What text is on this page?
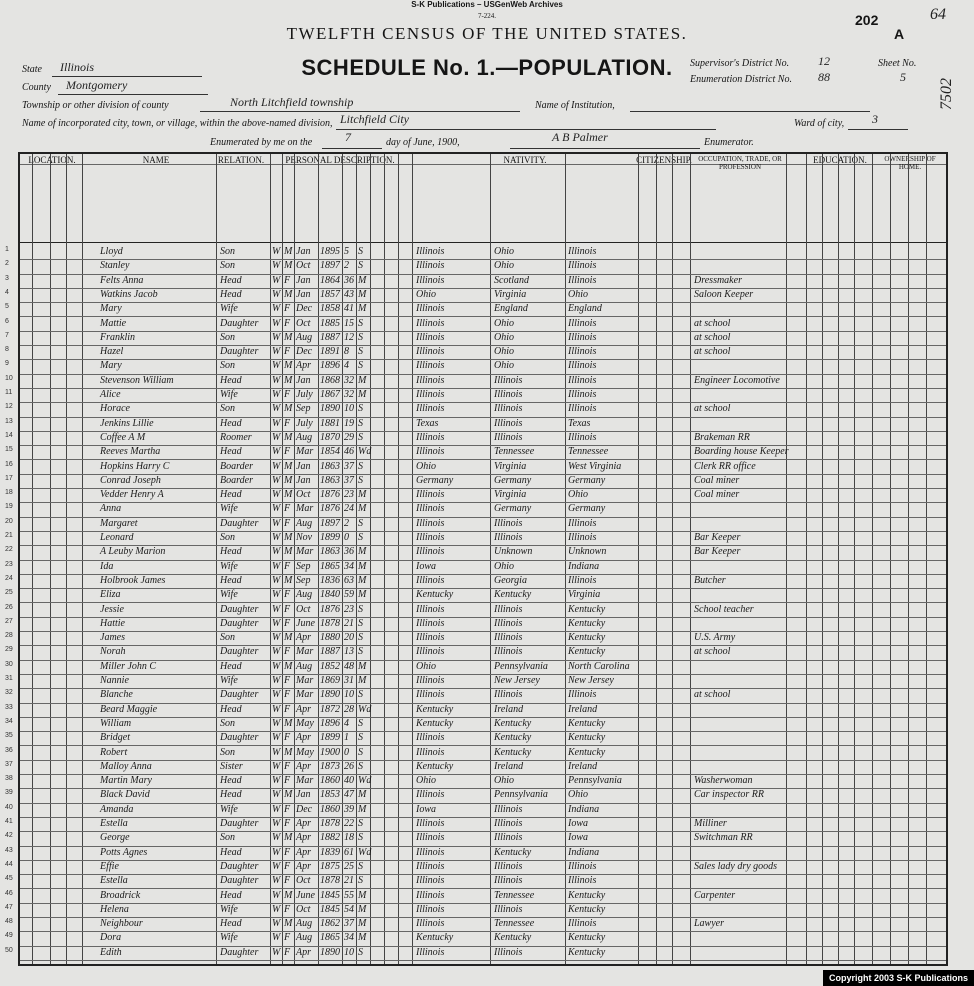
S-K Publications – USGenWeb Archives
7-224.
TWELFTH CENSUS OF THE UNITED STATES.
SCHEDULE No. 1.—POPULATION.
202
A
64
7502
State Illinois
County Montgomery
Township or other division of county	North Litchfield township	Name of Institution,
Name of incorporated city, town, or village, within the above-named division, Litchfield City	Ward of city, 3
Enumerated by me on the	7	day of June, 1900,	A B Palmer	Enumerator.
Supervisor's District No. 12
Enumeration District No. 88
Sheet No.
5
LOCATION.	NAME	RELATION.	PERSONAL DESCRIPTION.	NATIVITY.	CITIZENSHIP. OCCUPATION, TRADE, OR PROFESSION
EDUCATION.	OWNERSHIP OF HOME.
1	Lloyd	Son	W M Jan 1895 5 S	Illinois	Ohio	Illinois
2	Stanley	Son	W M Oct 1897 2 S	Illinois	Ohio	Illinois
3	Felts Anna	Head	W F Jan 1864 36 M	Illinois	Scotland	Illinois	Dressmaker
4	Watkins Jacob	Head	W M Jan 1857 43 M	Ohio	Virginia	Ohio	Saloon Keeper
5	Mary	Wife	W F Dec 1858 41 M	Illinois	England	England
6	Mattie	Daughter	W F Oct 1885 15 S	Illinois	Ohio	Illinois	at school
7	Franklin	Son	W M Aug 1887 12 S	Illinois	Ohio	Illinois	at school
8	Hazel	Daughter	W F Dec 1891 8 S	Illinois	Ohio	Illinois	at school
9	Mary	Son	W M Apr 1896 4 S	Illinois	Ohio	Illinois
10	Stevenson William	Head	W M Jan 1868 32 M	Illinois	Illinois	Illinois	Engineer Locomotive
11	Alice	Wife	W F July 1867 32 M	Illinois	Illinois	Illinois
12	Horace	Son	W M Sep 1890 10 S	Illinois	Illinois	Illinois	at school
13	Jenkins Lillie	Head	W F July 1881 19 S	Texas	Illinois	Texas
14	Coffee A M	Roomer	W M Aug 1870 29 S	Illinois	Illinois	Illinois	Brakeman RR
15	Reeves Martha	Head	W F Mar 1854 46 Wd	Illinois	Tennessee	Tennessee	Boarding house Keeper
16	Hopkins Harry C	Boarder	W M Jan 1863 37 S	Ohio	Virginia	West Virginia	Clerk RR office
17	Conrad Joseph	Boarder	W M Jan 1863 37 S	Germany	Germany	Germany	Coal miner
18	Vedder Henry A	Head	W M Oct 1876 23 M	Illinois	Virginia	Ohio	Coal miner
19	Anna	Wife	W F Mar 1876 24 M	Illinois	Germany	Germany
20	Margaret	Daughter	W F Aug 1897 2 S	Illinois	Illinois	Illinois
21	Leonard	Son	W M Nov 1899 0 S	Illinois	Illinois	Illinois	Bar Keeper
22	A Leuby Marion	Head	W M Mar 1863 36 M	Illinois	Unknown	Unknown	Bar Keeper
23	Ida	Wife	W F Sep 1865 34 M	Iowa	Ohio	Indiana
24	Holbrook James	Head	W M Sep 1836 63 M	Illinois	Georgia	Illinois	Butcher
25	Eliza	Wife	W F Aug 1840 59 M	Kentucky	Kentucky	Virginia
26	Jessie	Daughter	W F Oct 1876 23 S	Illinois	Illinois	Kentucky	School teacher
27	Hattie	Daughter	W F June 1878 21 S	Illinois	Illinois	Kentucky
28	James	Son	W M Apr 1880 20 S	Illinois	Illinois	Kentucky	U.S. Army
29	Norah	Daughter	W F Mar 1887 13 S	Illinois	Illinois	Kentucky	at school
30	Miller John C	Head	W M Aug 1852 48 M	Ohio	Pennsylvania	North Carolina
31	Nannie	Wife	W F Mar 1869 31 M	Illinois	New Jersey	New Jersey
32	Blanche	Daughter	W F Mar 1890 10 S	Illinois	Illinois	Illinois	at school
33	Beard Maggie	Head	W F Apr 1872 28 Wd	Kentucky	Ireland	Ireland
34	William	Son	W M May 1896 4 S	Kentucky	Kentucky	Kentucky
35	Bridget	Daughter	W F Apr 1899 1 S	Illinois	Kentucky	Kentucky
36	Robert	Son	W M May 1900 0 S	Illinois	Kentucky	Kentucky
37	Malloy Anna	Sister	W F Apr 1873 26 S	Kentucky	Ireland	Ireland
38	Martin Mary	Head	W F Mar 1860 40 Wd	Ohio	Ohio	Pennsylvania	Washerwoman
39	Black David	Head	W M Jan 1853 47 M	Illinois	Pennsylvania	Ohio	Car inspector RR
40	Amanda	Wife	W F Dec 1860 39 M	Iowa	Illinois	Indiana
41	Estella	Daughter	W F Apr 1878 22 S	Illinois	Illinois	Iowa	Milliner
42	George	Son	W M Apr 1882 18 S	Illinois	Illinois	Iowa	Switchman RR
43	Potts Agnes	Head	W F Apr 1839 61 Wd	Illinois	Kentucky	Indiana
44	Effie	Daughter	W F Apr 1875 25 S	Illinois	Illinois	Illinois	Sales lady dry goods
45	Estella	Daughter	W F Oct 1878 21 S	Illinois	Illinois	Illinois
46	Broadrick	Head	W M June 1845 55 M	Illinois	Tennessee	Kentucky	Carpenter
47	Helena	Wife	W F Oct 1845 54 M	Illinois	Illinois	Kentucky
48	Neighbour	Head	W M Aug 1862 37 M	Illinois	Tennessee	Illinois	Lawyer
49	Dora	Wife	W F Aug 1865 34 M	Kentucky	Kentucky	Kentucky
50	Edith	Daughter	W F Apr 1890 10 S	Illinois	Illinois	Kentucky
Copyright 2003 S-K Publications
